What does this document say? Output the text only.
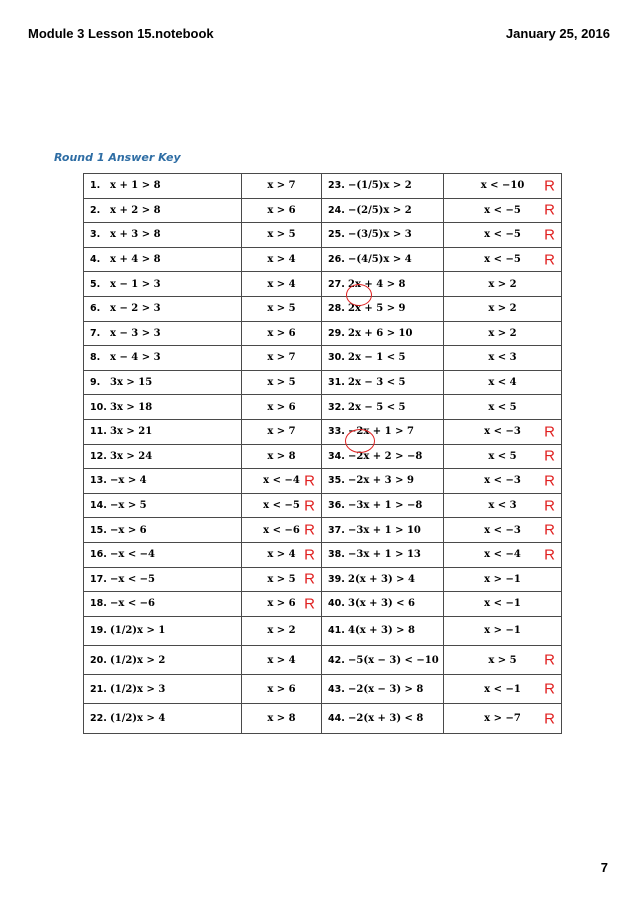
Module 3 Lesson 15.notebook	January 25, 2016
Round 1 Answer Key
1. x + 1 > 8	x > 7	23. −(1/5)x > 2	x < −10 R

2. x + 2 > 8	x > 6	24. −(2/5)x > 2	x < −5 R

3. x + 3 > 8	x > 5	25. −(3/5)x > 3	x < −5 R

4. x + 4 > 8	x > 4	26. −(4/5)x > 4	x < −5 R

5. x − 1 > 3	x > 4	27. 2x + 4 > 8	x > 2
6. x − 2 > 3	x > 5	28. 2x + 5 > 9	x > 2
7. x − 3 > 3	x > 6	29. 2x + 6 > 10	x > 2
8. x − 4 > 3	x > 7	30. 2x − 1 < 5	x < 3
9. 3x > 15	x > 5	31. 2x − 3 < 5	x < 4
10. 3x > 18	x > 6	32. 2x − 5 < 5	x < 5
11. 3x > 21	x > 7	33. −2x + 1 > 7	x < −3 R

12. 3x > 24	x > 8	34. −2x + 2 > −8	x < 5 R

13. −x > 4	x < −4 R	35. −2x + 3 > 9	x < −3 R

14. −x > 5	x < −5 R	36. −3x + 1 > −8	x < 3 R

15. −x > 6	x < −6 R	37. −3x + 1 > 10	x < −3 R

16. −x < −4	x > 4 R	38. −3x + 1 > 13	x < −4 R

17. −x < −5	x > 5 R	39. 2(x + 3) > 4	x > −1
18. −x < −6	x > 6 R	40. 3(x + 3) < 6	x < −1
19. (1/2)x > 1	x > 2	41. 4(x + 3) > 8	x > −1
20. (1/2)x > 2	x > 4	42. −5(x − 3) < −10	x > 5 R

21. (1/2)x > 3	x > 6	43. −2(x − 3) > 8	x < −1 R

22. (1/2)x > 4	x > 8	44. −2(x + 3) < 8	x > −7 R
7
